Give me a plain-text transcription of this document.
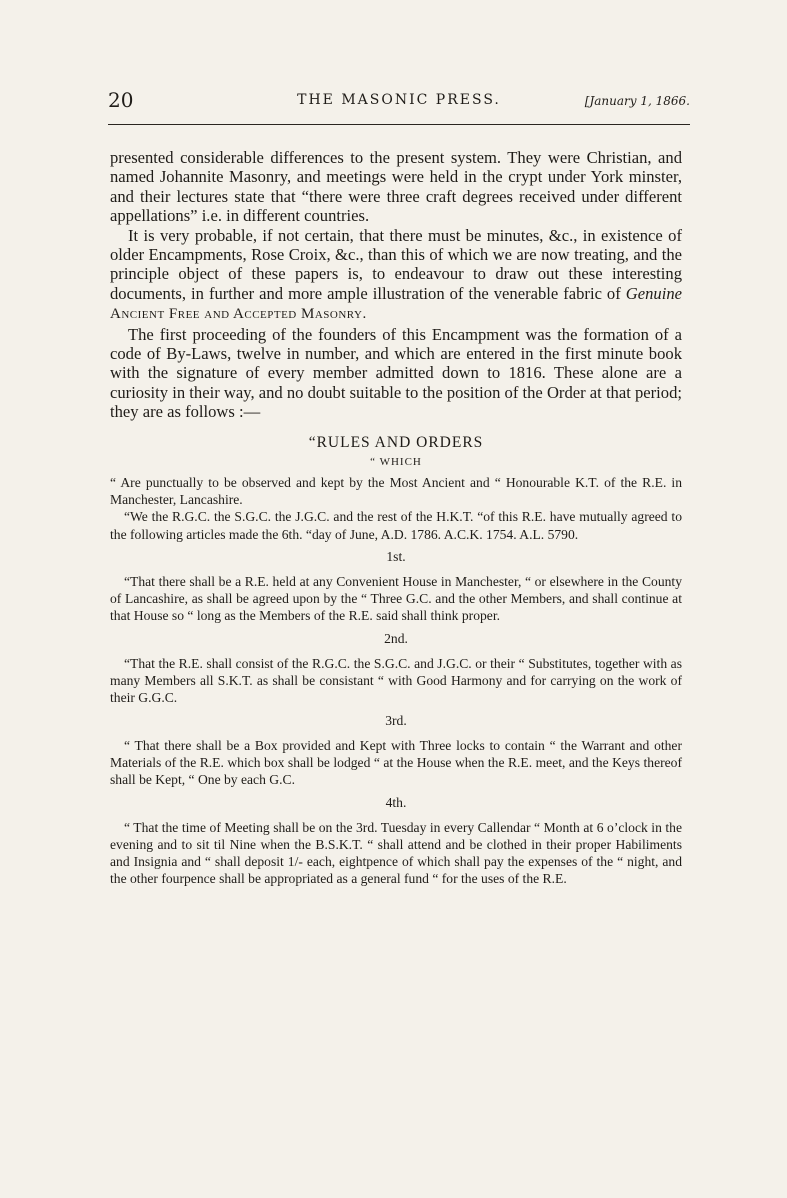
20	THE MASONIC PRESS.	[January 1, 1866.

presented considerable differences to the present system. They were Christian, and named Johannite Masonry, and meetings were held in the crypt under York minster, and their lectures state that “there were three craft degrees received under different appellations” i.e. in different countries.

It is very probable, if not certain, that there must be minutes, &c., in existence of older Encampments, Rose Croix, &c., than this of which we are now treating, and the principle object of these papers is, to endeavour to draw out these interesting documents, in further and more ample illustration of the venerable fabric of Genuine Ancient Free and Accepted Masonry.

The first proceeding of the founders of this Encampment was the formation of a code of By-Laws, twelve in number, and which are entered in the first minute book with the signature of every member admitted down to 1816. These alone are a curiosity in their way, and no doubt suitable to the position of the Order at that period; they are as follows :—

“RULES AND ORDERS
“ WHICH

“ Are punctually to be observed and kept by the Most Ancient and “ Honourable K.T. of the R.E. in Manchester, Lancashire.

“We the R.G.C. the S.G.C. the J.G.C. and the rest of the H.K.T. “of this R.E. have mutually agreed to the following articles made the 6th. “day of June, A.D. 1786. A.C.K. 1754. A.L. 5790.

1st.

“That there shall be a R.E. held at any Convenient House in Manchester, “ or elsewhere in the County of Lancashire, as shall be agreed upon by the “ Three G.C. and the other Members, and shall continue at that House so “ long as the Members of the R.E. said shall think proper.

2nd.

“That the R.E. shall consist of the R.G.C. the S.G.C. and J.G.C. or their “ Substitutes, together with as many Members all S.K.T. as shall be consistant “ with Good Harmony and for carrying on the work of their G.G.C.

3rd.

“ That there shall be a Box provided and Kept with Three locks to contain “ the Warrant and other Materials of the R.E. which box shall be lodged “ at the House when the R.E. meet, and the Keys thereof shall be Kept, “ One by each G.C.

4th.

“ That the time of Meeting shall be on the 3rd. Tuesday in every Callendar “ Month at 6 o’clock in the evening and to sit til Nine when the B.S.K.T. “ shall attend and be clothed in their proper Habiliments and Insignia and “ shall deposit 1/- each, eightpence of which shall pay the expenses of the “ night, and the other fourpence shall be appropriated as a general fund “ for the uses of the R.E.
